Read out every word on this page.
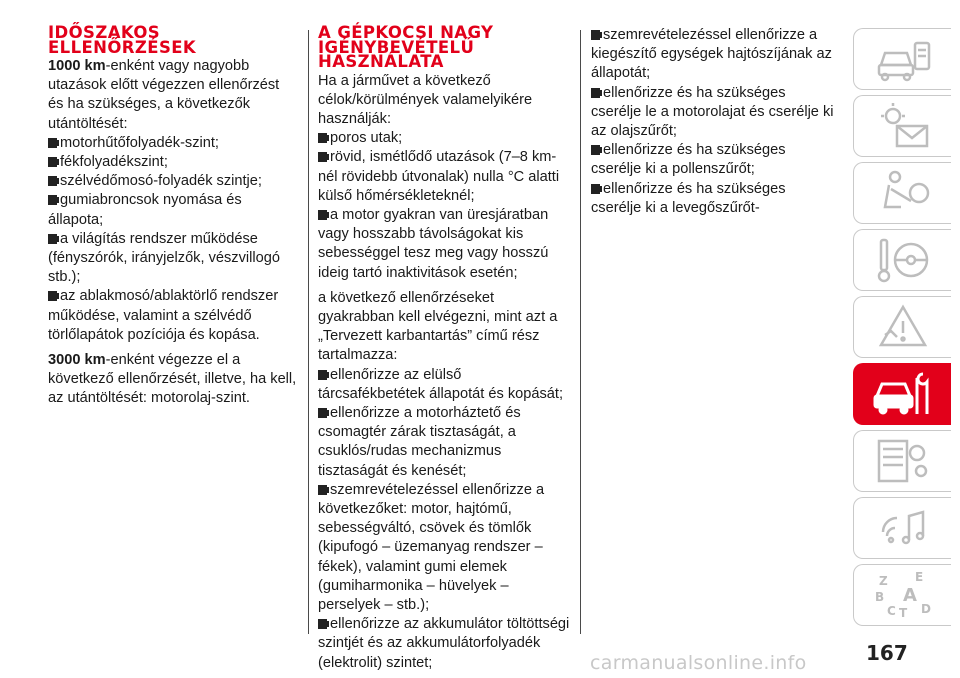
IDŐSZAKOS
ELLENŐRZÉSEK

1000 km-enként vagy nagyobb utazások előtt végezzen ellenőrzést és ha szükséges, a következők utántöltését:

motorhűtőfolyadék-szint;
fékfolyadékszint;
szélvédőmosó-folyadék szintje;
gumiabroncsok nyomása és állapota;
a világítás rendszer működése (fényszórók, irányjelzők, vészvillogó stb.);
az ablakmosó/ablaktörlő rendszer működése, valamint a szélvédő törlőlapátok pozíciója és kopása.

3000 km-enként végezze el a következő ellenőrzését, illetve, ha kell, az utántöltését: motorolaj-szint.

A GÉPKOCSI NAGY
IGÉNYBEVÉTELŰ
HASZNÁLATA

Ha a járművet a következő célok/körülmények valamelyikére használják:

poros utak;
rövid, ismétlődő utazások (7–8 km-nél rövidebb útvonalak) nulla °C alatti külső hőmérsékleteknél;
a motor gyakran van üresjáratban vagy hosszabb távolságokat kis sebességgel tesz meg vagy hosszú ideig tartó inaktivitások esetén;

a következő ellenőrzéseket gyakrabban kell elvégezni, mint azt a „Tervezett karbantartás” című rész tartalmazza:

ellenőrizze az elülső tárcsafékbetétek állapotát és kopását;
ellenőrizze a motorháztető és csomagtér zárak tisztaságát, a csuklós/rudas mechanizmus tisztaságát és kenését;
szemrevételezéssel ellenőrizze a következőket: motor, hajtómű, sebességváltó, csövek és tömlők (kipufogó – üzemanyag rendszer – fékek), valamint gumi elemek (gumiharmonika – hüvelyek – perselyek – stb.);
ellenőrizze az akkumulátor töltöttségi szintjét és az akkumulátorfolyadék (elektrolit) szintet;
szemrevételezéssel ellenőrizze a kiegészítő egységek hajtószíjának az állapotát;
ellenőrizze és ha szükséges cserélje le a motorolajat és cserélje ki az olajszűrőt;
ellenőrizze és ha szükséges cserélje ki a pollenszűrőt;
ellenőrizze és ha szükséges cserélje ki a levegőszűrőt-
Z E
B A
C T D
167
carmanualsonline.info
